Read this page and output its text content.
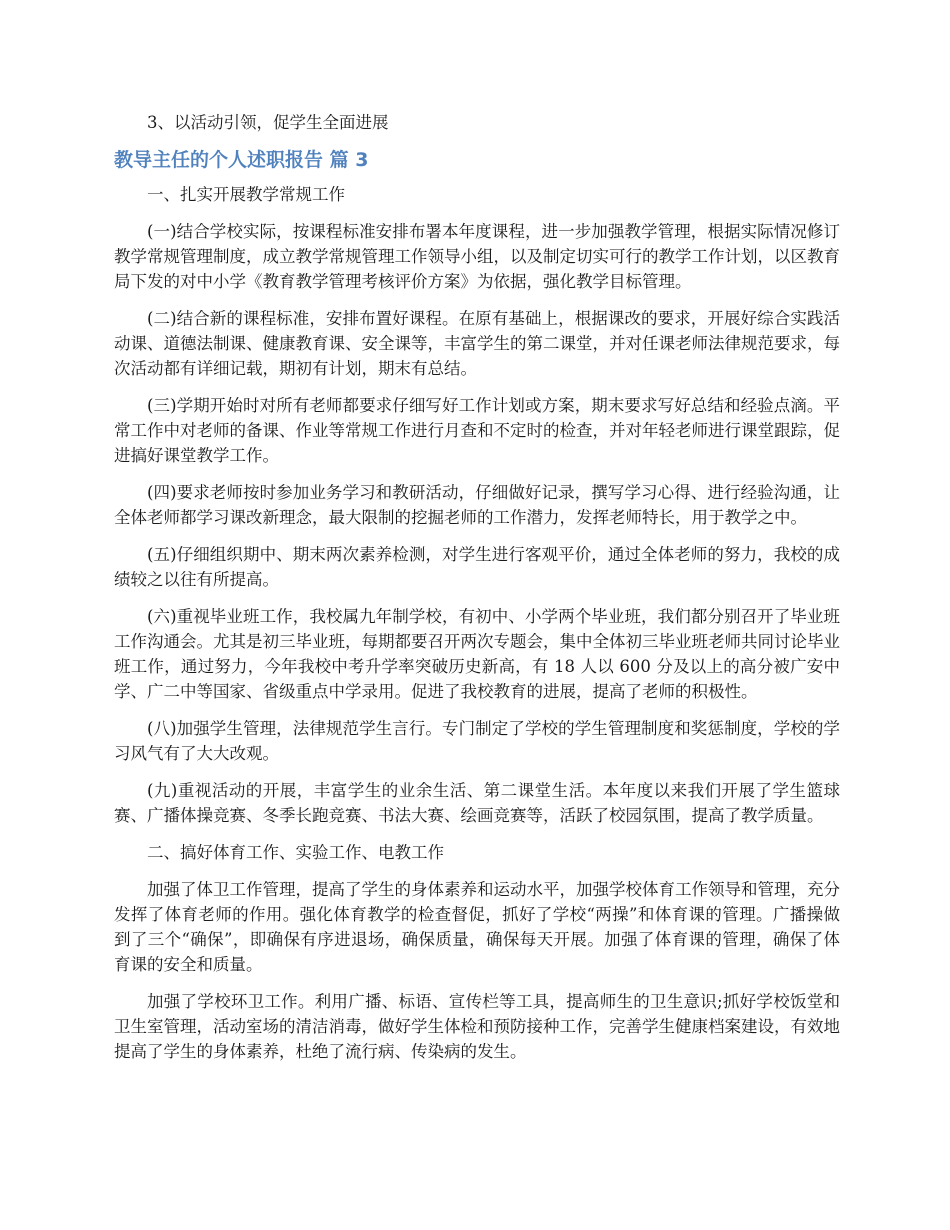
3、以活动引领，促学生全面进展

教导主任的个人述职报告 篇 3

一、扎实开展教学常规工作

(一)结合学校实际，按课程标准安排布署本年度课程，进一步加强教学管理，根据实际情况修订教学常规管理制度，成立教学常规管理工作领导小组，以及制定切实可行的教学工作计划，以区教育局下发的对中小学《教育教学管理考核评价方案》为依据，强化教学目标管理。

(二)结合新的课程标准，安排布置好课程。在原有基础上，根据课改的要求，开展好综合实践活动课、道德法制课、健康教育课、安全课等，丰富学生的第二课堂，并对任课老师法律规范要求，每次活动都有详细记载，期初有计划，期末有总结。

(三)学期开始时对所有老师都要求仔细写好工作计划或方案，期末要求写好总结和经验点滴。平常工作中对老师的备课、作业等常规工作进行月查和不定时的检查，并对年轻老师进行课堂跟踪，促进搞好课堂教学工作。

(四)要求老师按时参加业务学习和教研活动，仔细做好记录，撰写学习心得、进行经验沟通，让全体老师都学习课改新理念，最大限制的挖掘老师的工作潜力，发挥老师特长，用于教学之中。

(五)仔细组织期中、期末两次素养检测，对学生进行客观平价，通过全体老师的努力，我校的成绩较之以往有所提高。

(六)重视毕业班工作，我校属九年制学校，有初中、小学两个毕业班，我们都分别召开了毕业班工作沟通会。尤其是初三毕业班，每期都要召开两次专题会，集中全体初三毕业班老师共同讨论毕业班工作，通过努力，今年我校中考升学率突破历史新高，有 18 人以 600 分及以上的高分被广安中学、广二中等国家、省级重点中学录用。促进了我校教育的进展，提高了老师的积极性。

(八)加强学生管理，法律规范学生言行。专门制定了学校的学生管理制度和奖惩制度，学校的学习风气有了大大改观。

(九)重视活动的开展，丰富学生的业余生活、第二课堂生活。本年度以来我们开展了学生篮球赛、广播体操竞赛、冬季长跑竞赛、书法大赛、绘画竞赛等，活跃了校园氛围，提高了教学质量。

二、搞好体育工作、实验工作、电教工作

加强了体卫工作管理，提高了学生的身体素养和运动水平，加强学校体育工作领导和管理，充分发挥了体育老师的作用。强化体育教学的检查督促，抓好了学校“两操”和体育课的管理。广播操做到了三个“确保”，即确保有序进退场，确保质量，确保每天开展。加强了体育课的管理，确保了体育课的安全和质量。

加强了学校环卫工作。利用广播、标语、宣传栏等工具，提高师生的卫生意识;抓好学校饭堂和卫生室管理，活动室场的清洁消毒，做好学生体检和预防接种工作，完善学生健康档案建设，有效地提高了学生的身体素养，杜绝了流行病、传染病的发生。
